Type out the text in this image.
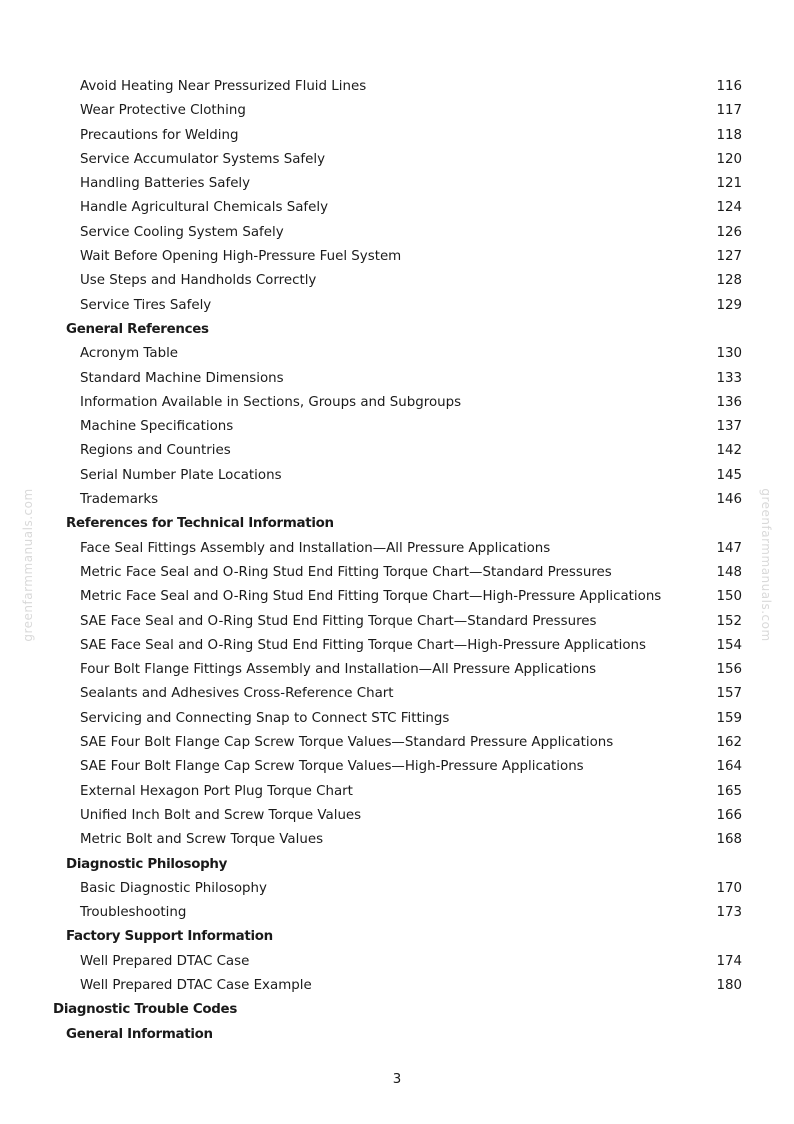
Avoid Heating Near Pressurized Fluid Lines	116
Wear Protective Clothing	117
Precautions for Welding	118
Service Accumulator Systems Safely	120
Handling Batteries Safely	121
Handle Agricultural Chemicals Safely	124
Service Cooling System Safely	126
Wait Before Opening High-Pressure Fuel System	127
Use Steps and Handholds Correctly	128
Service Tires Safely	129
General References
Acronym Table	130
Standard Machine Dimensions	133
Information Available in Sections, Groups and Subgroups	136
Machine Specifications	137
Regions and Countries	142
Serial Number Plate Locations	145
Trademarks	146
References for Technical Information
Face Seal Fittings Assembly and Installation—All Pressure Applications	147
Metric Face Seal and O-Ring Stud End Fitting Torque Chart—Standard Pressures	148
Metric Face Seal and O-Ring Stud End Fitting Torque Chart—High-Pressure Applications	150
SAE Face Seal and O-Ring Stud End Fitting Torque Chart—Standard Pressures	152
SAE Face Seal and O-Ring Stud End Fitting Torque Chart—High-Pressure Applications	154
Four Bolt Flange Fittings Assembly and Installation—All Pressure Applications	156
Sealants and Adhesives Cross-Reference Chart	157
Servicing and Connecting Snap to Connect STC Fittings	159
SAE Four Bolt Flange Cap Screw Torque Values—Standard Pressure Applications	162
SAE Four Bolt Flange Cap Screw Torque Values—High-Pressure Applications	164
External Hexagon Port Plug Torque Chart	165
Unified Inch Bolt and Screw Torque Values	166
Metric Bolt and Screw Torque Values	168
Diagnostic Philosophy
Basic Diagnostic Philosophy	170
Troubleshooting	173
Factory Support Information
Well Prepared DTAC Case	174
Well Prepared DTAC Case Example	180
Diagnostic Trouble Codes
General Information
3
greenfarmmanuals.com	greenfarmmanuals.com
